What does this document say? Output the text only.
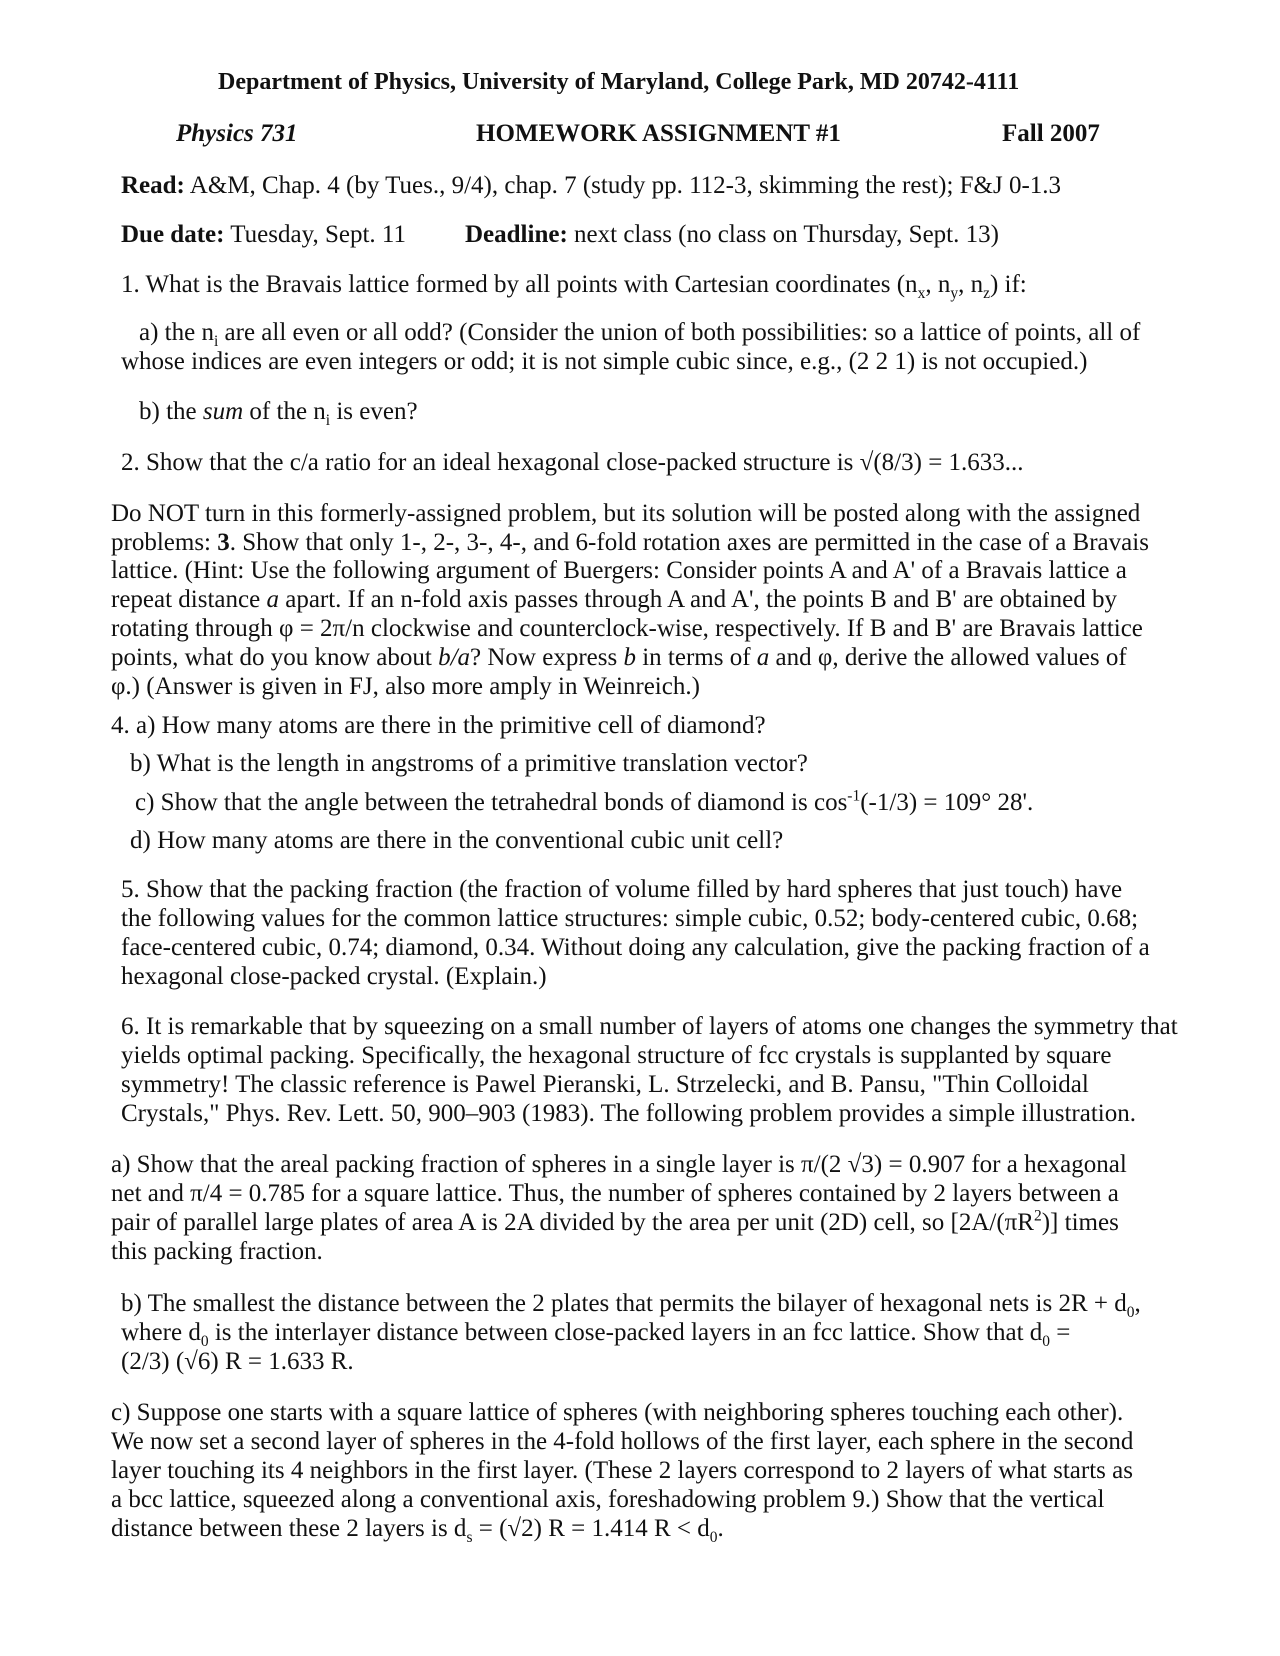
Department of Physics, University of Maryland, College Park, MD 20742-4111
Physics 731	HOMEWORK ASSIGNMENT #1	Fall 2007
Read: A&M, Chap. 4 (by Tues., 9/4), chap. 7 (study pp. 112-3, skimming the rest); F&J 0-1.3
Due date: Tuesday, Sept. 11 Deadline: next class (no class on Thursday, Sept. 13)
1. What is the Bravais lattice formed by all points with Cartesian coordinates ($n_x$, $n_y$, $n_z$) if:
a) the $n_i$ are all even or all odd? (Consider the union of both possibilities: so a lattice of points, all of
whose indices are even integers or odd; it is not simple cubic since, e.g., (2 2 1) is not occupied.)
b) the sum of the $n_i$ is even?
2. Show that the c/a ratio for an ideal hexagonal close-packed structure is √(8/3) = 1.633...
Do NOT turn in this formerly-assigned problem, but its solution will be posted along with the assigned
problems: 3. Show that only 1-, 2-, 3-, 4-, and 6-fold rotation axes are permitted in the case of a Bravais
lattice. (Hint: Use the following argument of Buergers: Consider points A and A' of a Bravais lattice a
repeat distance a apart. If an n-fold axis passes through A and A', the points B and B' are obtained by
rotating through φ = 2π/n clockwise and counterclock-wise, respectively. If B and B' are Bravais lattice
points, what do you know about b/a? Now express b in terms of a and φ, derive the allowed values of
φ.) (Answer is given in FJ, also more amply in Weinreich.)
4. a) How many atoms are there in the primitive cell of diamond?
b) What is the length in angstroms of a primitive translation vector?
c) Show that the angle between the tetrahedral bonds of diamond is $\cos^{-1}(-1/3) = 109^\circ$ 28'.
d) How many atoms are there in the conventional cubic unit cell?
5. Show that the packing fraction (the fraction of volume filled by hard spheres that just touch) have
the following values for the common lattice structures: simple cubic, 0.52; body-centered cubic, 0.68;
face-centered cubic, 0.74; diamond, 0.34. Without doing any calculation, give the packing fraction of a
hexagonal close-packed crystal. (Explain.)
6. It is remarkable that by squeezing on a small number of layers of atoms one changes the symmetry that
yields optimal packing. Specifically, the hexagonal structure of fcc crystals is supplanted by square
symmetry! The classic reference is Pawel Pieranski, L. Strzelecki, and B. Pansu, "Thin Colloidal
Crystals," Phys. Rev. Lett. 50, 900–903 (1983). The following problem provides a simple illustration.
a) Show that the areal packing fraction of spheres in a single layer is π/(2 √3) = 0.907 for a hexagonal
net and π/4 = 0.785 for a square lattice. Thus, the number of spheres contained by 2 layers between a
pair of parallel large plates of area A is 2A divided by the area per unit (2D) cell, so $[2A/(\pi R^2)]$ times
this packing fraction.
b) The smallest the distance between the 2 plates that permits the bilayer of hexagonal nets is $2R + d_0$,
where $d_0$ is the interlayer distance between close-packed layers in an fcc lattice. Show that $d_0$ =
(2/3) (√6) R = 1.633 R.
c) Suppose one starts with a square lattice of spheres (with neighboring spheres touching each other).
We now set a second layer of spheres in the 4-fold hollows of the first layer, each sphere in the second
layer touching its 4 neighbors in the first layer. (These 2 layers correspond to 2 layers of what starts as
a bcc lattice, squeezed along a conventional axis, foreshadowing problem 9.) Show that the vertical
distance between these 2 layers is $d_s = (√2) R = 1.414$ $R < d_0$.
